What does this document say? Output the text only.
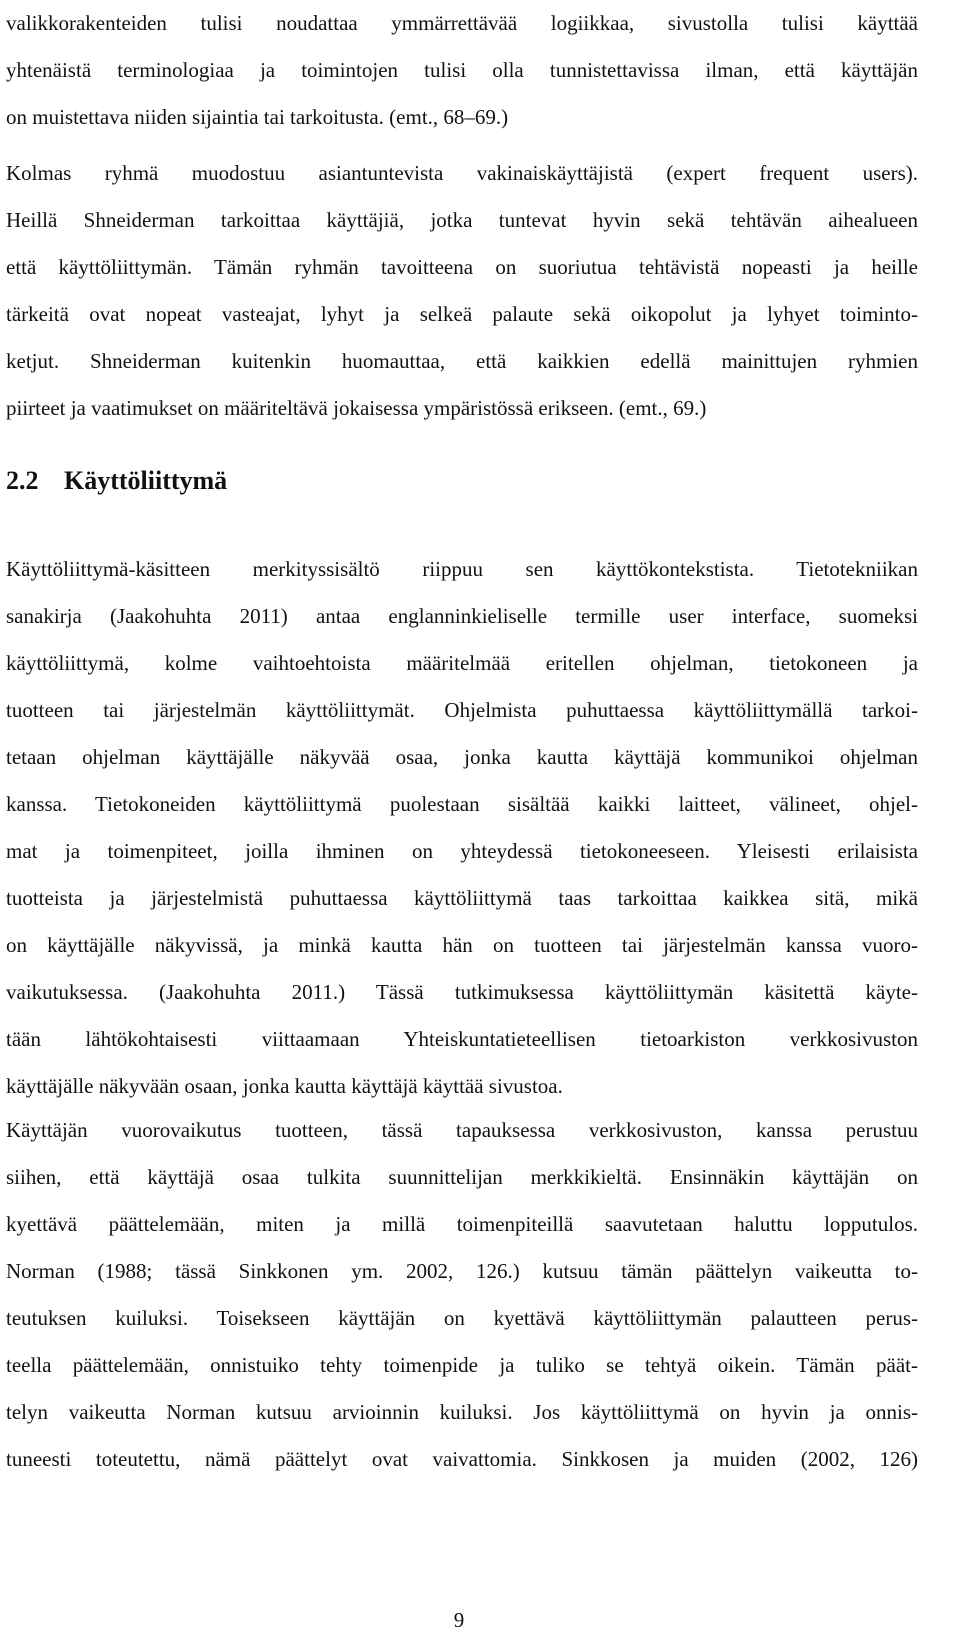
valikkorakenteiden tulisi noudattaa ymmärrettävää logiikkaa, sivustolla tulisi käyttää
yhtenäistä terminologiaa ja toimintojen tulisi olla tunnistettavissa ilman, että käyttäjän
on muistettava niiden sijaintia tai tarkoitusta. (emt., 68–69.)

Kolmas ryhmä muodostuu asiantuntevista vakinaiskäyttäjistä (expert frequent users).
Heillä Shneiderman tarkoittaa käyttäjiä, jotka tuntevat hyvin sekä tehtävän aihealueen
että käyttöliittymän. Tämän ryhmän tavoitteena on suoriutua tehtävistä nopeasti ja heille
tärkeitä ovat nopeat vasteajat, lyhyt ja selkeä palaute sekä oikopolut ja lyhyet toiminto-
ketjut. Shneiderman kuitenkin huomauttaa, että kaikkien edellä mainittujen ryhmien
piirteet ja vaatimukset on määriteltävä jokaisessa ympäristössä erikseen. (emt., 69.)

2.2 Käyttöliittymä

Käyttöliittymä-käsitteen merkityssisältö riippuu sen käyttökontekstista. Tietotekniikan
sanakirja (Jaakohuhta 2011) antaa englanninkieliselle termille user interface, suomeksi
käyttöliittymä, kolme vaihtoehtoista määritelmää eritellen ohjelman, tietokoneen ja
tuotteen tai järjestelmän käyttöliittymät. Ohjelmista puhuttaessa käyttöliittymällä tarkoi-
tetaan ohjelman käyttäjälle näkyvää osaa, jonka kautta käyttäjä kommunikoi ohjelman
kanssa. Tietokoneiden käyttöliittymä puolestaan sisältää kaikki laitteet, välineet, ohjel-
mat ja toimenpiteet, joilla ihminen on yhteydessä tietokoneeseen. Yleisesti erilaisista
tuotteista ja järjestelmistä puhuttaessa käyttöliittymä taas tarkoittaa kaikkea sitä, mikä
on käyttäjälle näkyvissä, ja minkä kautta hän on tuotteen tai järjestelmän kanssa vuoro-
vaikutuksessa. (Jaakohuhta 2011.) Tässä tutkimuksessa käyttöliittymän käsitettä käyte-
tään lähtökohtaisesti viittaamaan Yhteiskuntatieteellisen tietoarkiston verkkosivuston
käyttäjälle näkyvään osaan, jonka kautta käyttäjä käyttää sivustoa.

Käyttäjän vuorovaikutus tuotteen, tässä tapauksessa verkkosivuston, kanssa perustuu
siihen, että käyttäjä osaa tulkita suunnittelijan merkkikieltä. Ensinnäkin käyttäjän on
kyettävä päättelemään, miten ja millä toimenpiteillä saavutetaan haluttu lopputulos.
Norman (1988; tässä Sinkkonen ym. 2002, 126.) kutsuu tämän päättelyn vaikeutta to-
teutuksen kuiluksi. Toisekseen käyttäjän on kyettävä käyttöliittymän palautteen perus-
teella päättelemään, onnistuiko tehty toimenpide ja tuliko se tehtyä oikein. Tämän päät-
telyn vaikeutta Norman kutsuu arvioinnin kuiluksi. Jos käyttöliittymä on hyvin ja onnis-
tuneesti toteutettu, nämä päättelyt ovat vaivattomia. Sinkkosen ja muiden (2002, 126)

9
